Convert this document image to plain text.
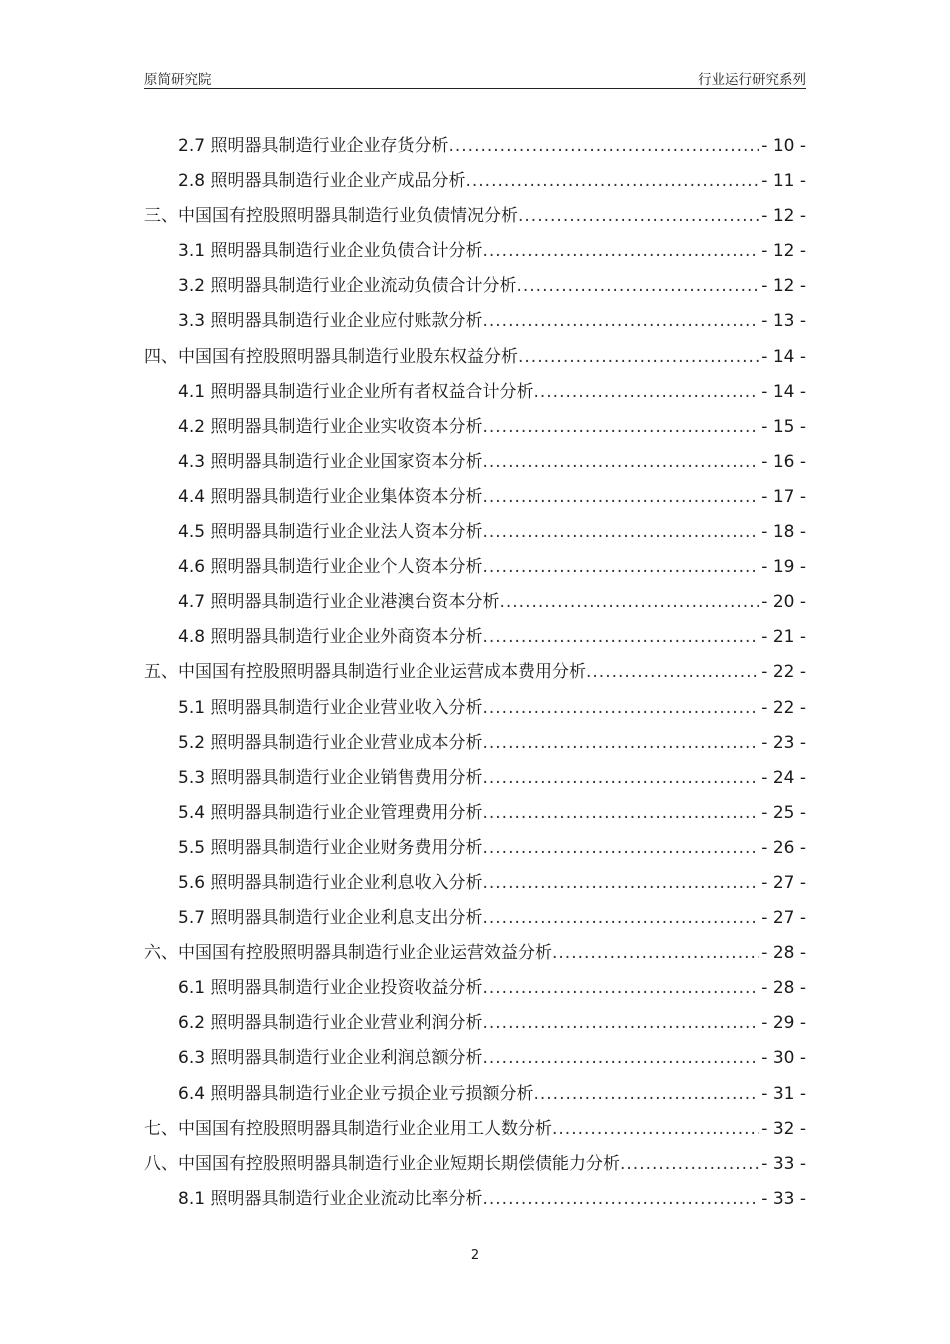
原简研究院	行业运行研究系列
2.7 照明器具制造行业企业存货分析 .....	- 10 -
2.8 照明器具制造行业企业产成品分析 .....	- 11 -
三、中国国有控股照明器具制造行业负债情况分析 .....	- 12 -
3.1 照明器具制造行业企业负债合计分析 .....	- 12 -
3.2 照明器具制造行业企业流动负债合计分析 .....	- 12 -
3.3 照明器具制造行业企业应付账款分析 .....	- 13 -
四、中国国有控股照明器具制造行业股东权益分析 .....	- 14 -
4.1 照明器具制造行业企业所有者权益合计分析 .....	- 14 -
4.2 照明器具制造行业企业实收资本分析 .....	- 15 -
4.3 照明器具制造行业企业国家资本分析 .....	- 16 -
4.4 照明器具制造行业企业集体资本分析 .....	- 17 -
4.5 照明器具制造行业企业法人资本分析 .....	- 18 -
4.6 照明器具制造行业企业个人资本分析 .....	- 19 -
4.7 照明器具制造行业企业港澳台资本分析 .....	- 20 -
4.8 照明器具制造行业企业外商资本分析 .....	- 21 -
五、中国国有控股照明器具制造行业企业运营成本费用分析 .....	- 22 -
5.1 照明器具制造行业企业营业收入分析 .....	- 22 -
5.2 照明器具制造行业企业营业成本分析 .....	- 23 -
5.3 照明器具制造行业企业销售费用分析 .....	- 24 -
5.4 照明器具制造行业企业管理费用分析 .....	- 25 -
5.5 照明器具制造行业企业财务费用分析 .....	- 26 -
5.6 照明器具制造行业企业利息收入分析 .....	- 27 -
5.7 照明器具制造行业企业利息支出分析 .....	- 27 -
六、中国国有控股照明器具制造行业企业运营效益分析 .....	- 28 -
6.1 照明器具制造行业企业投资收益分析 .....	- 28 -
6.2 照明器具制造行业企业营业利润分析 .....	- 29 -
6.3 照明器具制造行业企业利润总额分析 .....	- 30 -
6.4 照明器具制造行业企业亏损企业亏损额分析 .....	- 31 -
七、中国国有控股照明器具制造行业企业用工人数分析 .....	- 32 -
八、中国国有控股照明器具制造行业企业短期长期偿债能力分析 .....	- 33 -
8.1 照明器具制造行业企业流动比率分析 .....	- 33 -
2
